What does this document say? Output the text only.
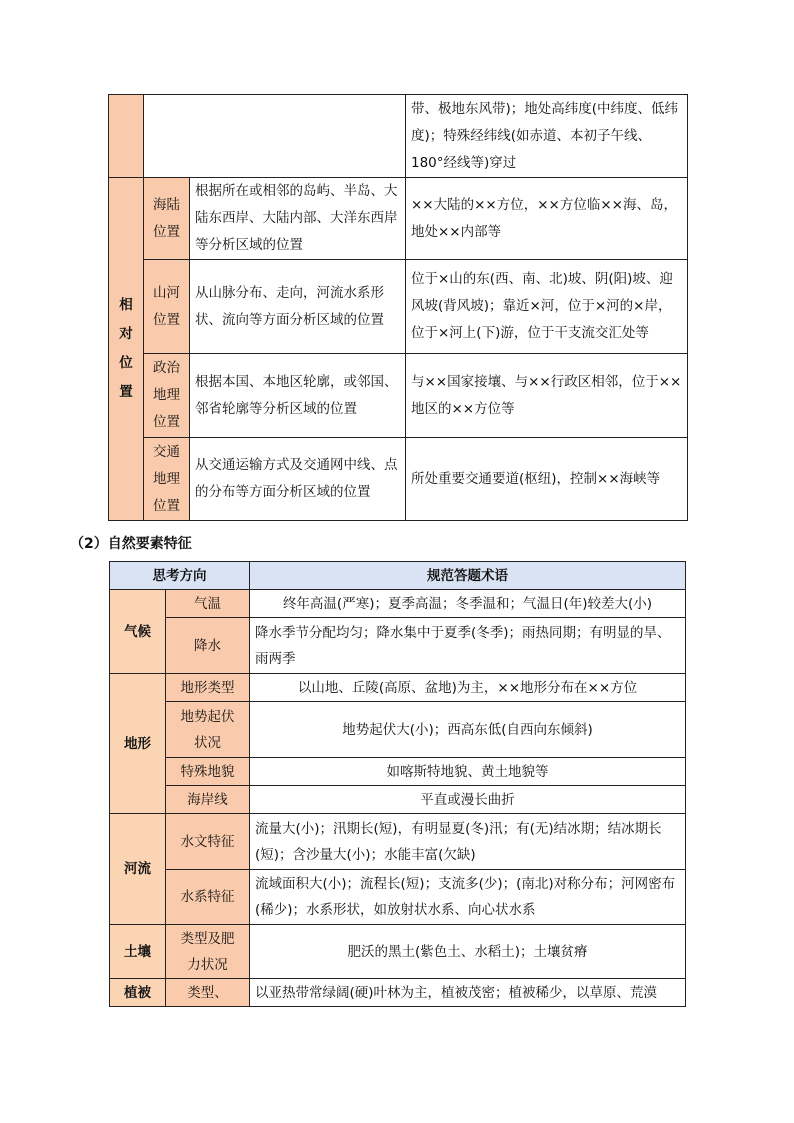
			带、极地东风带)；地处高纬度(中纬度、低纬度)；特殊经纬线(如赤道、本初子午线、180°经线等)穿过
相对位置	海陆位置	根据所在或相邻的岛屿、半岛、大陆东西岸、大陆内部、大洋东西岸等分析区域的位置	××大陆的××方位，××方位临××海、岛，地处××内部等
	山河位置	从山脉分布、走向，河流水系形状、流向等方面分析区域的位置	位于×山的东(西、南、北)坡、阴(阳)坡、迎风坡(背风坡)；靠近×河，位于×河的×岸，位于×河上(下)游，位于干支流交汇处等
	政治地理位置	根据本国、本地区轮廓，或邻国、邻省轮廓等分析区域的位置	与××国家接壤、与××行政区相邻，位于××地区的××方位等
	交通地理位置	从交通运输方式及交通网中线、点的分布等方面分析区域的位置	所处重要交通要道(枢纽)，控制××海峡等

（2）自然要素特征

思考方向		规范答题术语
气候	气温	终年高温(严寒)；夏季高温；冬季温和；气温日(年)较差大(小)
	降水	降水季节分配均匀；降水集中于夏季(冬季)；雨热同期；有明显的旱、雨两季
地形	地形类型	以山地、丘陵(高原、盆地)为主，××地形分布在××方位
	地势起伏状况	地势起伏大(小)；西高东低(自西向东倾斜)
	特殊地貌	如喀斯特地貌、黄土地貌等
	海岸线	平直或漫长曲折
河流	水文特征	流量大(小)；汛期长(短)，有明显夏(冬)汛；有(无)结冰期；结冰期长(短)；含沙量大(小)；水能丰富(欠缺)
	水系特征	流域面积大(小)；流程长(短)；支流多(少)；(南北)对称分布；河网密布(稀少)；水系形状，如放射状水系、向心状水系
土壤	类型及肥力状况	肥沃的黑土(紫色土、水稻土)；土壤贫瘠
植被	类型、	以亚热带常绿阔(硬)叶林为主，植被茂密；植被稀少，以草原、荒漠
